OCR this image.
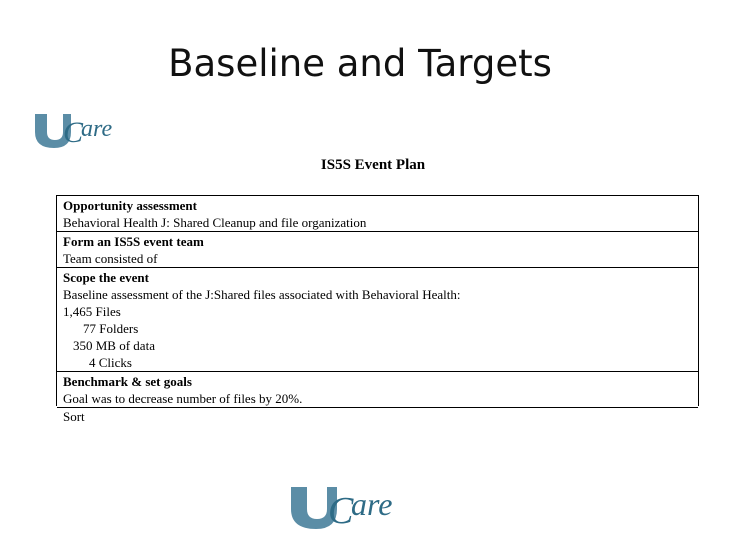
Baseline and Targets
C
are
IS5S Event Plan
Opportunity assessment
Behavioral Health J: Shared Cleanup and file organization
Form an IS5S event team
Team consisted of
Scope the event
Baseline assessment of the J:Shared files associated with Behavioral Health:
1,465 Files
77 Folders
350 MB of data
4 Clicks
Benchmark & set goals
Goal was to decrease number of files by 20%.
Sort
C
are
